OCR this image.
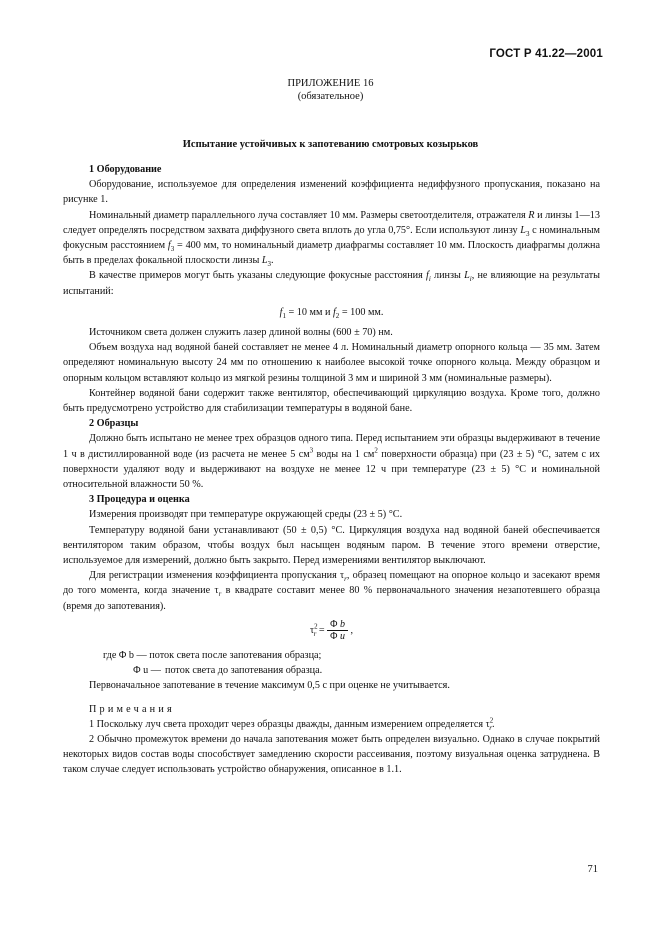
ГОСТ Р 41.22—2001
ПРИЛОЖЕНИЕ 16
(обязательное)
Испытание устойчивых к запотеванию смотровых козырьков

1 Оборудование

Оборудование, используемое для определения изменений коэффициента недиффузного пропускания, показано на рисунке 1.

Номинальный диаметр параллельного луча составляет 10 мм. Размеры светоотделителя, отражателя R и линзы 1—13 следует определять посредством захвата диффузного света вплоть до угла 0,75°. Если используют линзу $L_3$ с номинальным фокусным расстоянием $f_3 = 400$ мм, то номинальный диаметр диафрагмы составляет 10 мм. Плоскость диафрагмы должна быть в пределах фокальной плоскости линзы $L_3$.

В качестве примеров могут быть указаны следующие фокусные расстояния $f_i$ линзы $L_i$, не влияющие на результаты испытаний:

$f_1 = 10$ мм и $f_2 = 100$ мм.

Источником света должен служить лазер длиной волны (600 ± 70) нм.

Объем воздуха над водяной баней составляет не менее 4 л. Номинальный диаметр опорного кольца — 35 мм. Затем определяют номинальную высоту 24 мм по отношению к наиболее высокой точке опорного кольца. Между образцом и опорным кольцом вставляют кольцо из мягкой резины толщиной 3 мм и шириной 3 мм (номинальные размеры).

Контейнер водяной бани содержит также вентилятор, обеспечивающий циркуляцию воздуха. Кроме того, должно быть предусмотрено устройство для стабилизации температуры в водяной бане.

2 Образцы

Должно быть испытано не менее трех образцов одного типа. Перед испытанием эти образцы выдерживают в течение 1 ч в дистиллированной воде (из расчета не менее 5 $см^3$ воды на 1 $см^2$ поверхности образца) при (23 ± 5) °С, затем с их поверхности удаляют воду и выдерживают на воздухе не менее 12 ч при температуре (23 ± 5) °С и номинальной относительной влажности 50 %.

3 Процедура и оценка

Измерения производят при температуре окружающей среды (23 ± 5) °С.

Температуру водяной бани устанавливают (50 ± 0,5) °С. Циркуляция воздуха над водяной баней обеспечивается вентилятором таким образом, чтобы воздух был насыщен водяным паром. В течение этого времени отверстие, используемое для измерений, должно быть закрыто. Перед измерениями вентилятор выключают.

Для регистрации изменения коэффициента пропускания $\tau_r$, образец помещают на опорное кольцо и засекают время до того момента, когда значение $\tau_r$ в квадрате составит менее 80 % первоначального значения незапотевшего образца (время до запотевания).

$\tau^2_r = \frac{\text{Φ b}}{\text{Φ u}}$ ,

где Φ b — поток света после запотевания образца;

Φ u — поток света до запотевания образца.

Первоначальное запотевание в течение максимум 0,5 с при оценке не учитывается.

Примечания

1 Поскольку луч света проходит через образцы дважды, данным измерением определяется $\tau^2_r$.

2 Обычно промежуток времени до начала запотевания может быть определен визуально. Однако в случае покрытий некоторых видов состав воды способствует замедлению скорости рассеивания, поэтому визуальная оценка затруднена. В таком случае следует использовать устройство обнаружения, описанное в 1.1.

71
